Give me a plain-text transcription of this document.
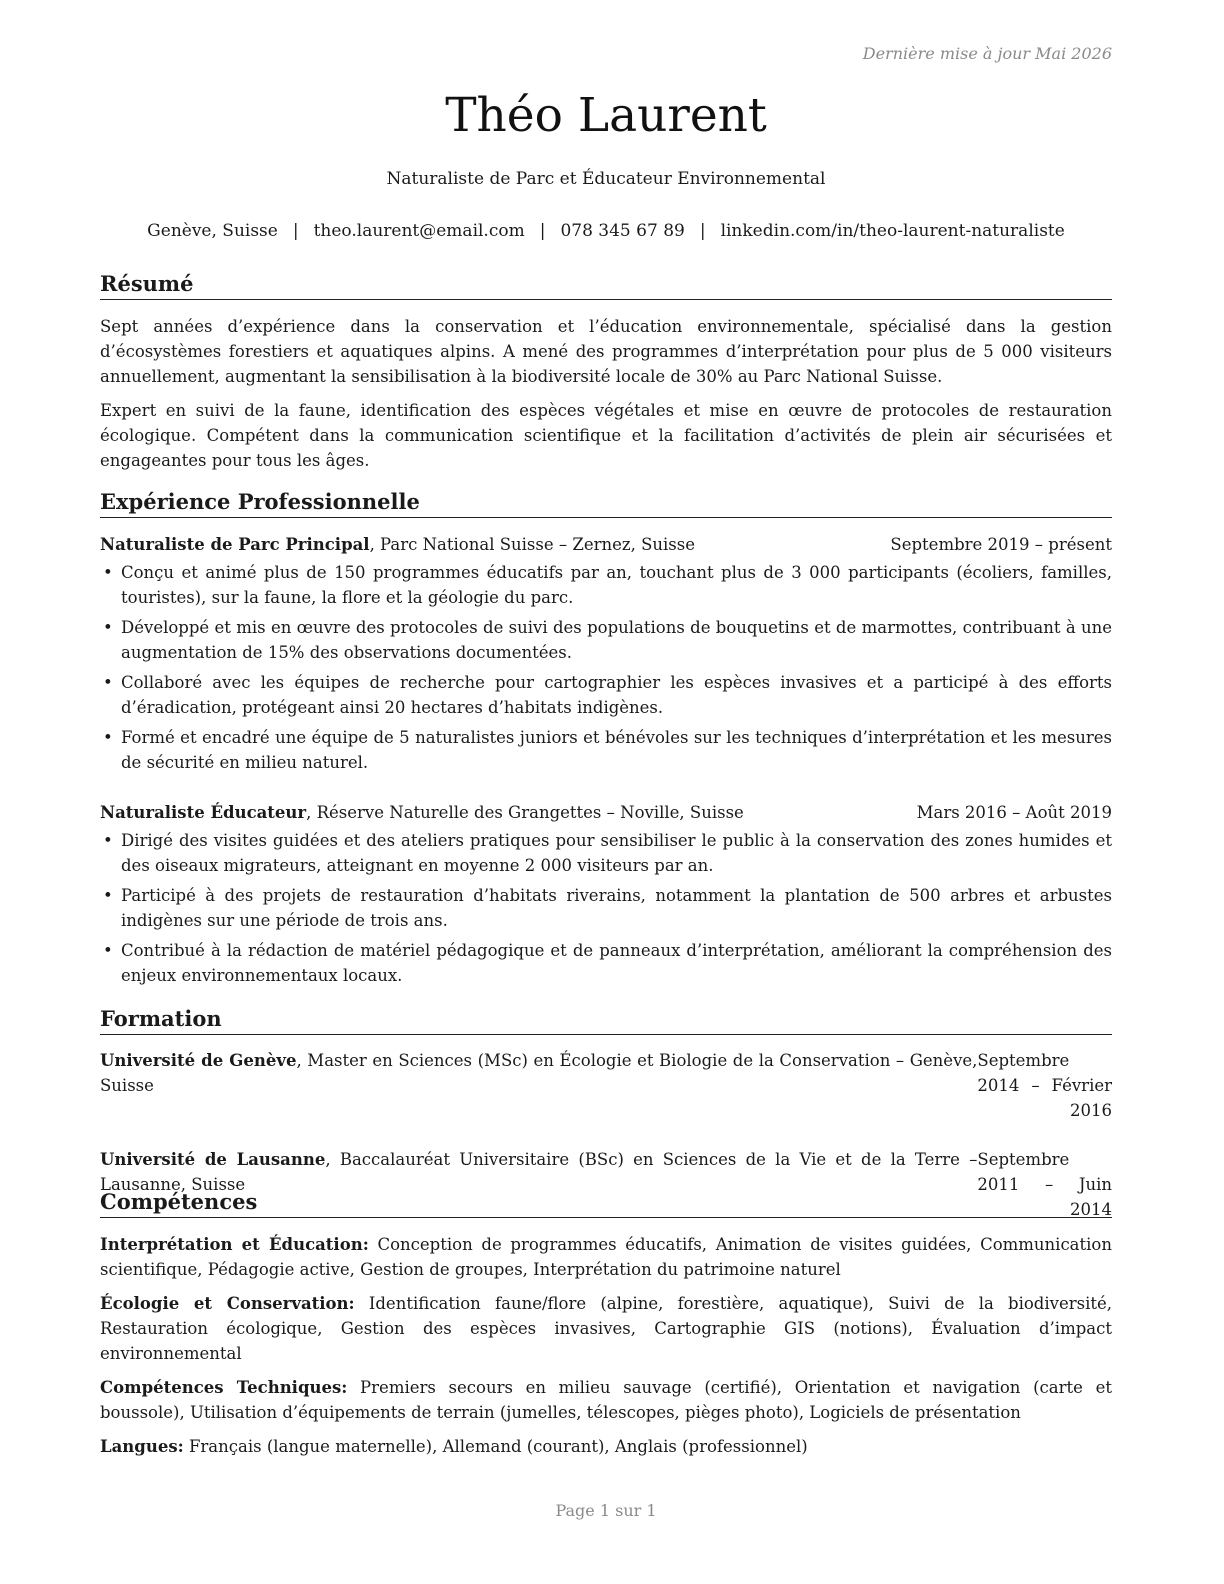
Dernière mise à jour Mai 2026
Théo Laurent
Naturaliste de Parc et Éducateur Environnemental
Genève, Suisse | theo.laurent@email.com | 078 345 67 89 | linkedin.com/in/theo-laurent-naturaliste
Résumé

Sept années d’expérience dans la conservation et l’éducation environnementale, spécialisé dans la gestion d’écosystèmes forestiers et aquatiques alpins. A mené des programmes d’interprétation pour plus de 5 000 visiteurs annuellement, augmentant la sensibilisation à la biodiversité locale de 30% au Parc National Suisse.

Expert en suivi de la faune, identification des espèces végétales et mise en œuvre de protocoles de restauration écologique. Compétent dans la communication scientifique et la facilitation d’activités de plein air sécurisées et engageantes pour tous les âges.

Expérience Professionnelle
Naturaliste de Parc Principal, Parc National Suisse – Zernez, Suisse	Septembre 2019 – présent
• Conçu et animé plus de 150 programmes éducatifs par an, touchant plus de 3 000 participants (écoliers, familles, touristes), sur la faune, la flore et la géologie du parc.
• Développé et mis en œuvre des protocoles de suivi des populations de bouquetins et de marmottes, contribuant à une augmentation de 15% des observations documentées.
• Collaboré avec les équipes de recherche pour cartographier les espèces invasives et a participé à des efforts d’éradication, protégeant ainsi 20 hectares d’habitats indigènes.
• Formé et encadré une équipe de 5 naturalistes juniors et bénévoles sur les techniques d’interprétation et les mesures de sécurité en milieu naturel.
Naturaliste Éducateur, Réserve Naturelle des Grangettes – Noville, Suisse	Mars 2016 – Août 2019
• Dirigé des visites guidées et des ateliers pratiques pour sensibiliser le public à la conservation des zones humides et des oiseaux migrateurs, atteignant en moyenne 2 000 visiteurs par an.
• Participé à des projets de restauration d’habitats riverains, notamment la plantation de 500 arbres et arbustes indigènes sur une période de trois ans.
• Contribué à la rédaction de matériel pédagogique et de panneaux d’interprétation, améliorant la compréhension des enjeux environnementaux locaux.
Formation
Université de Genève, Master en Sciences (MSc) en Écologie et Biologie de la Conservation – Genève, Suisse
Septembre 2014 – Février
2016
Université de Lausanne, Baccalauréat Universitaire (BSc) en Sciences de la Vie et de la Terre – Lausanne, Suisse
Septembre 2011 – Juin
2014
Compétences
Interprétation et Éducation: Conception de programmes éducatifs, Animation de visites guidées, Communication scientifique, Pédagogie active, Gestion de groupes, Interprétation du patrimoine naturel
Écologie et Conservation: Identification faune/flore (alpine, forestière, aquatique), Suivi de la biodiversité, Restauration écologique, Gestion des espèces invasives, Cartographie GIS (notions), Évaluation d’impact environnemental
Compétences Techniques: Premiers secours en milieu sauvage (certifié), Orientation et navigation (carte et boussole), Utilisation d’équipements de terrain (jumelles, télescopes, pièges photo), Logiciels de présentation
Langues: Français (langue maternelle), Allemand (courant), Anglais (professionnel)
Page 1 sur 1
